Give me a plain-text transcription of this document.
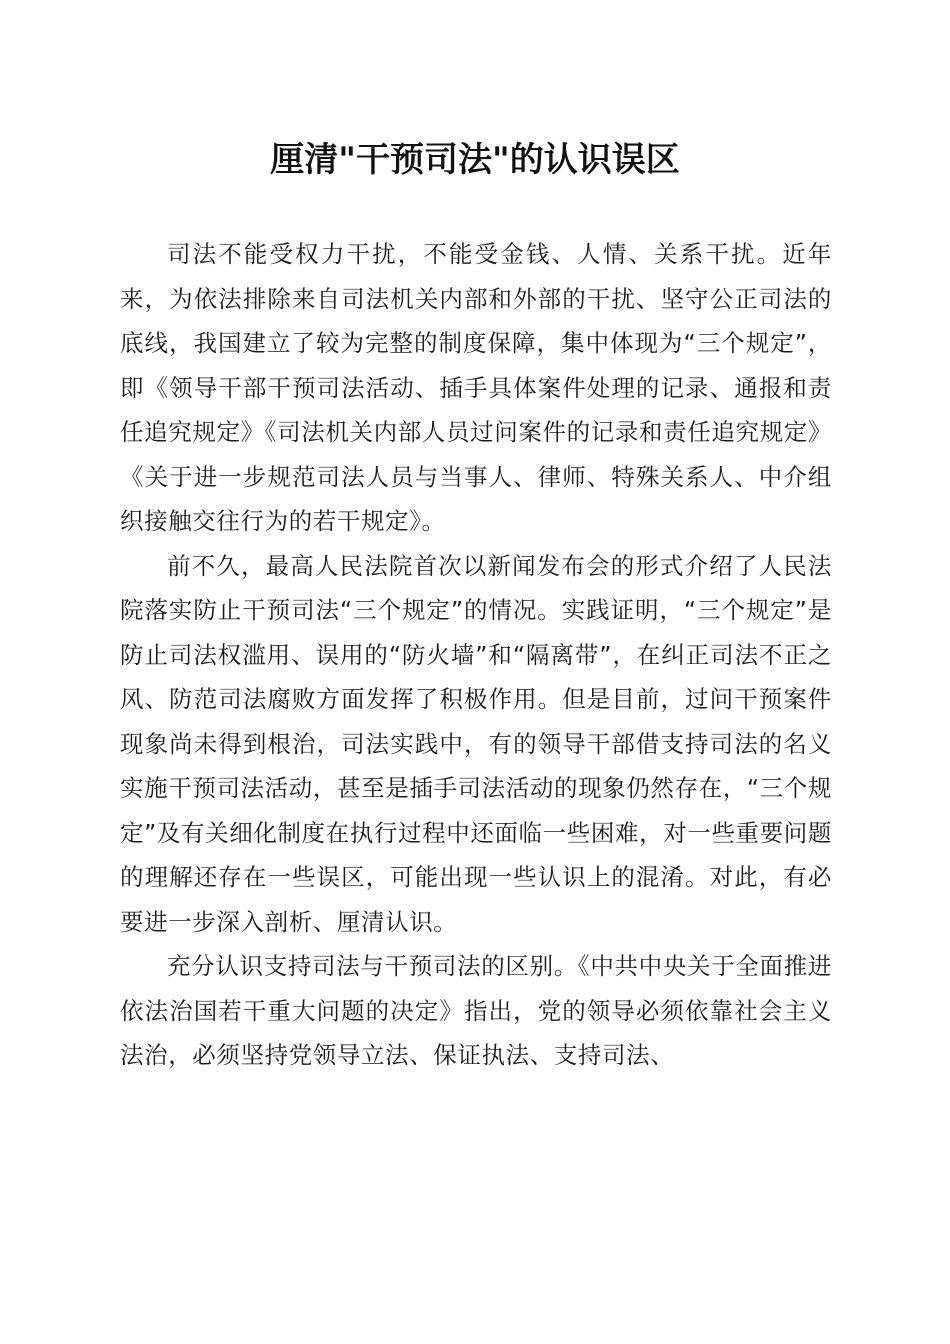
厘清"干预司法"的认识误区

司法不能受权力干扰，不能受金钱、人情、关系干扰。近年来，为依法排除来自司法机关内部和外部的干扰、坚守公正司法的底线，我国建立了较为完整的制度保障，集中体现为“三个规定”，即《领导干部干预司法活动、插手具体案件处理的记录、通报和责任追究规定》《司法机关内部人员过问案件的记录和责任追究规定》《关于进一步规范司法人员与当事人、律师、特殊关系人、中介组织接触交往行为的若干规定》。

前不久，最高人民法院首次以新闻发布会的形式介绍了人民法院落实防止干预司法“三个规定”的情况。实践证明，“三个规定”是防止司法权滥用、误用的“防火墙”和“隔离带”，在纠正司法不正之风、防范司法腐败方面发挥了积极作用。但是目前，过问干预案件现象尚未得到根治，司法实践中，有的领导干部借支持司法的名义实施干预司法活动，甚至是插手司法活动的现象仍然存在，“三个规定”及有关细化制度在执行过程中还面临一些困难，对一些重要问题的理解还存在一些误区，可能出现一些认识上的混淆。对此，有必要进一步深入剖析、厘清认识。

充分认识支持司法与干预司法的区别。《中共中央关于全面推进依法治国若干重大问题的决定》指出，党的领导必须依靠社会主义法治，必须坚持党领导立法、保证执法、支持司法、
